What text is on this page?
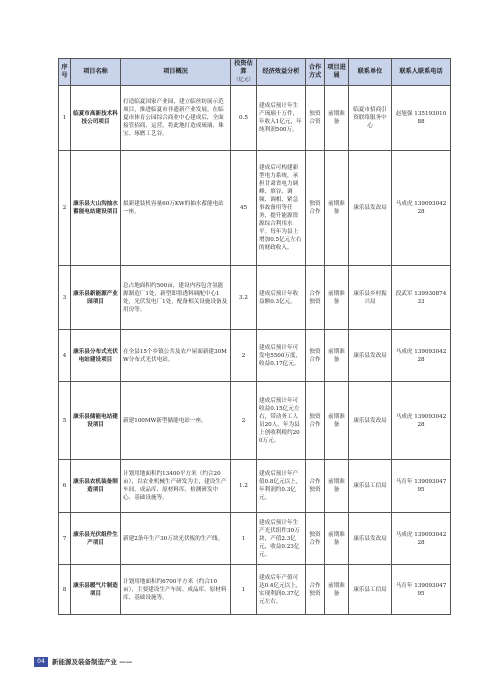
序号	项目名称	项目概况	投资估算
（亿元）	经济效益分析	合作方式	项目进展	联系单位	联系人联系电话
1	临夏市高新技术科技公司项目	打造临夏国家产业园，建立临丝纺展示范项目，推进临夏市非遗新产业发展。在临夏市体育公园综合商业中心建成后，全面接管招商、运营，将此地打造成琉璃、珠宝、琢磨工艺谷。	0.5	建成后预计年生产琉璃十万件，年收入1亿元，年纯利润500万。	独资合资	前期准备	临夏市招商引资联络服务中心	赵旭强 13519301088
2	康乐县大山沟抽水蓄能电站建设项目	拟新建装机容量60万KW的抽水蓄能电站一座。	45	建成后可构建新型电力系统，承担甘肃省电力调峰、填谷、调频、调相、紧急事故备用等任务，提升能源资源综合利用水平。每年为县上增加0.5亿元左右的财政收入。	独资合作	前期准备	康乐县发改局	马成虎 13909304228
3	康乐县新能源产业园项目	总占地面积约500亩，建设内容包含氢能源制造厂1处，新型即墨透料调配中心1处，光伏发电厂1处，配备相关设施设备及用房等。	3.2	建成后预计年收益额0.3亿元。	合作独资	前期准备	康乐县乡村振兴局	段武军 13993087433
4	康乐县分布式光伏电站建设项目	在全县15个乡镇公共及农户屋面新建30MW分布式光伏电站。	2	建成后预计年可发电5500万度，收益0.17亿元。	独资合作	前期准备	康乐县发改局	马成虎 13909304228
5	康乐县储能电站建设项目	新建100MW新型储能电站一座。	2	建成后预计年可收益0.15亿元左右，带动务工人员20人，年为县上创收利税约200万元。	独资合作	前期准备	康乐县发改局	马成虎 13909304228
6	康乐县农机装备制造项目	计划用地面积约13400平方米（约合20亩），以农业机械生产研发为主，建设生产车间、成品库、原材料库、检测研发中心、基础设施等。	1.2	建成后预计年产值0.8亿元以上，年利润约0.3亿元。	合作独资	前期准备	康乐县工信局	马育年 13909304795
7	康乐县光伏组件生产项目	新建2条年生产30万块光伏板的生产线。	1	建成后预计年生产光伏组件30万块，产值2.3亿元，收益0.23亿元。	独资合作	前期准备	康乐县发改局	马成虎 13909304228
8	康乐县暖气片制造项目	计划用地面积约6700平方米（约合10亩），主要建设生产车间、成品库、原材料库、基础设施等。	1	建成后年产值可达0.4亿元以上，实现利润0.37亿元左右。	合作独资	前期准备	康乐县工信局	马育年 13909304795
04	新能源及装备制造产业 ——
